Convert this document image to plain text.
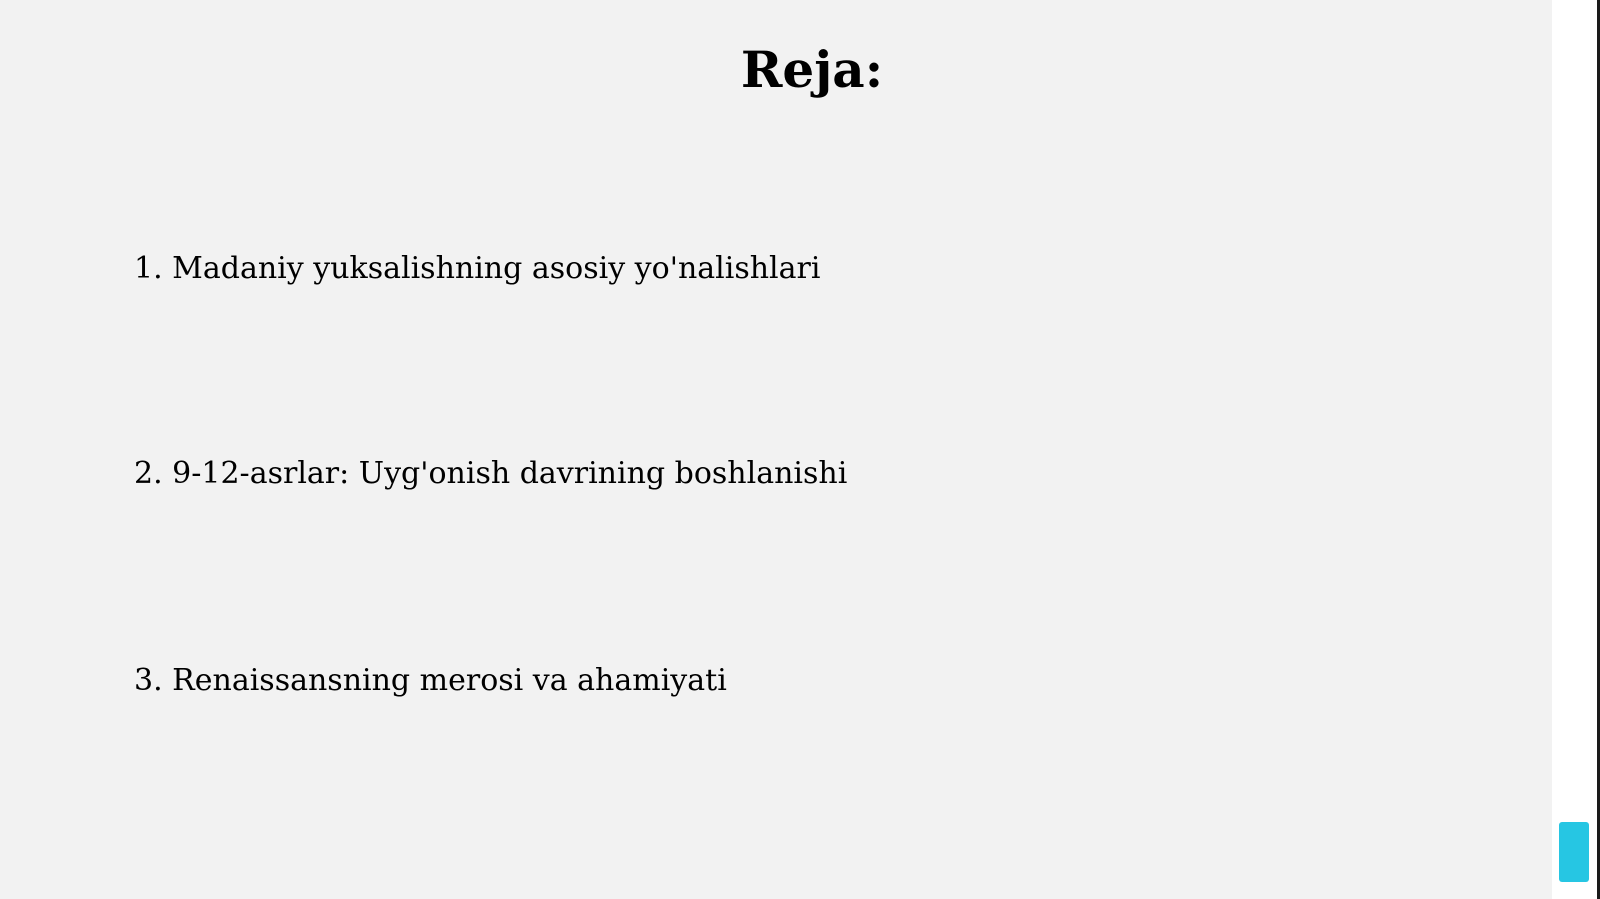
Reja:
1. Madaniy yuksalishning asosiy yo'nalishlari
2. 9-12-asrlar: Uyg'onish davrining boshlanishi
3. Renaissansning merosi va ahamiyati
